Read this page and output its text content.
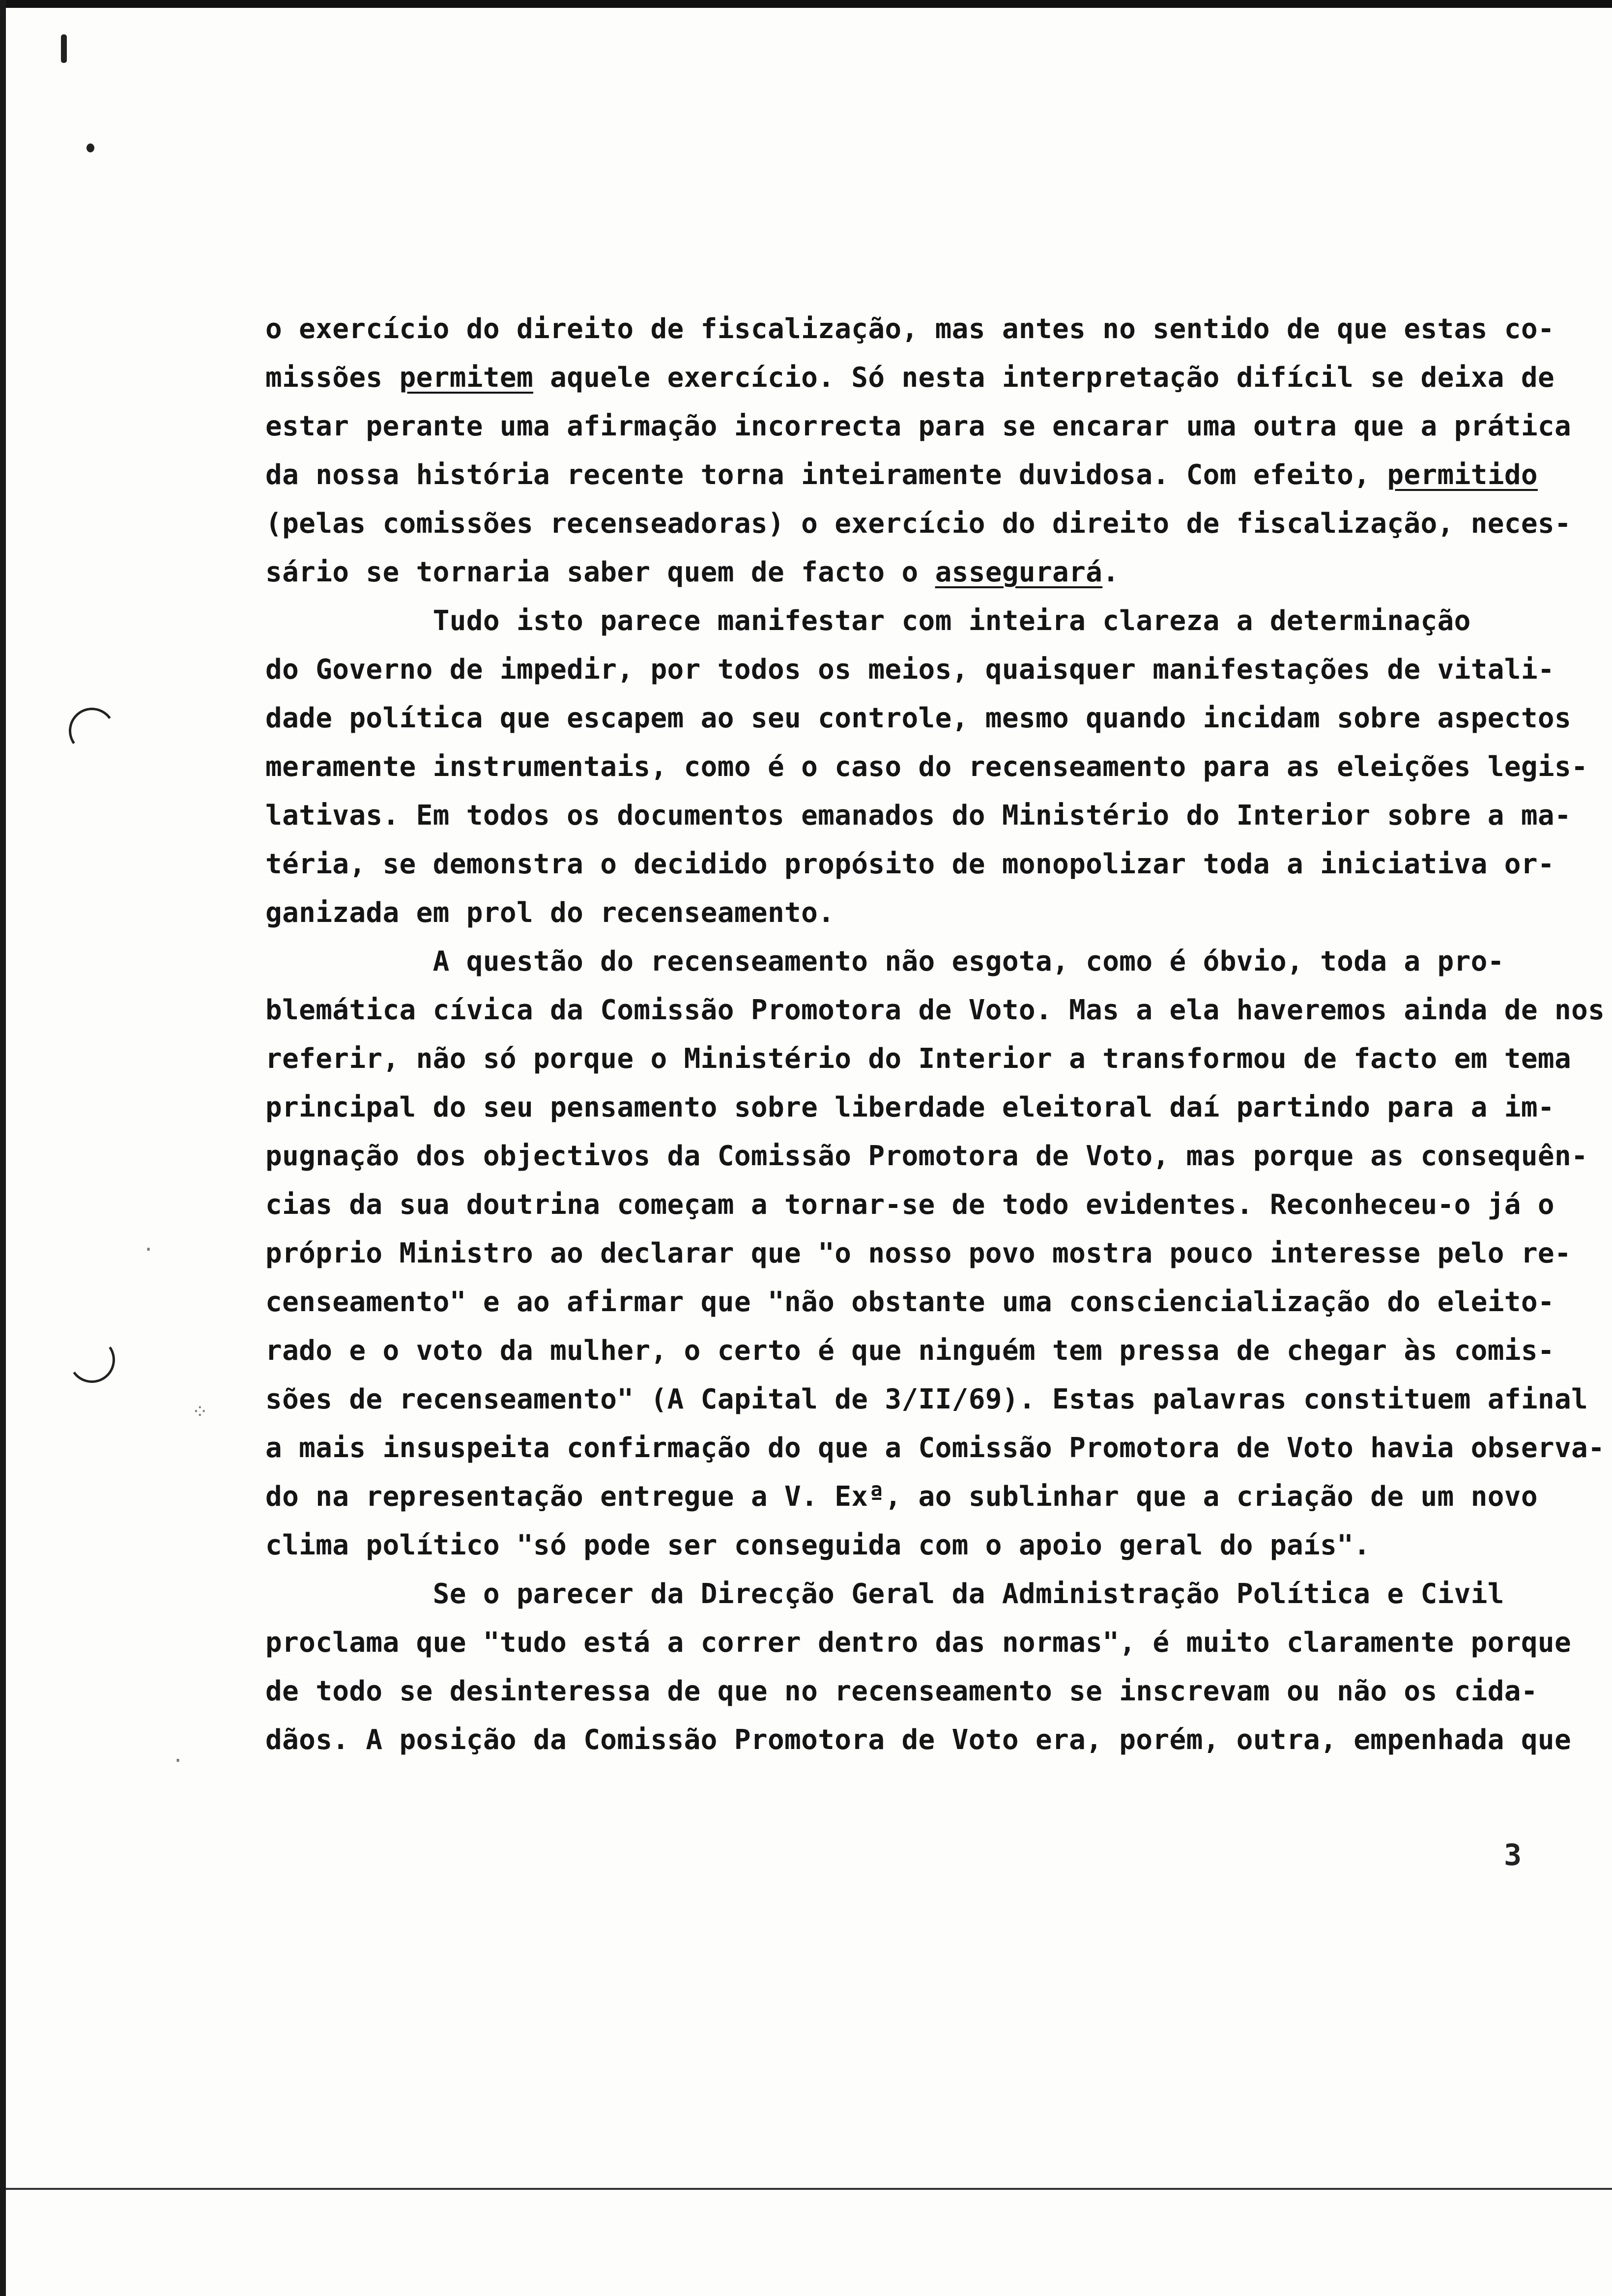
·
⁘
·
o exercício do direito de fiscalização, mas antes no sentido de que estas co-
missões permitem aquele exercício. Só nesta interpretação difícil se deixa de
estar perante uma afirmação incorrecta para se encarar uma outra que a prática
da nossa história recente torna inteiramente duvidosa. Com efeito, permitido
(pelas comissões recenseadoras) o exercício do direito de fiscalização, neces-
sário se tornaria saber quem de facto o assegurará.
Tudo isto parece manifestar com inteira clareza a determinação
do Governo de impedir, por todos os meios, quaisquer manifestações de vitali-
dade política que escapem ao seu controle, mesmo quando incidam sobre aspectos
meramente instrumentais, como é o caso do recenseamento para as eleições legis-
lativas. Em todos os documentos emanados do Ministério do Interior sobre a ma-
téria, se demonstra o decidido propósito de monopolizar toda a iniciativa or-
ganizada em prol do recenseamento.
A questão do recenseamento não esgota, como é óbvio, toda a pro-
blemática cívica da Comissão Promotora de Voto. Mas a ela haveremos ainda de nos
referir, não só porque o Ministério do Interior a transformou de facto em tema
principal do seu pensamento sobre liberdade eleitoral daí partindo para a im-
pugnação dos objectivos da Comissão Promotora de Voto, mas porque as consequên-
cias da sua doutrina começam a tornar-se de todo evidentes. Reconheceu-o já o
próprio Ministro ao declarar que "o nosso povo mostra pouco interesse pelo re-
censeamento" e ao afirmar que "não obstante uma consciencialização do eleito-
rado e o voto da mulher, o certo é que ninguém tem pressa de chegar às comis-
sões de recenseamento" (A Capital de 3/II/69). Estas palavras constituem afinal
a mais insuspeita confirmação do que a Comissão Promotora de Voto havia observa-
do na representação entregue a V. Exª, ao sublinhar que a criação de um novo
clima político "só pode ser conseguida com o apoio geral do país".
Se o parecer da Direcção Geral da Administração Política e Civil
proclama que "tudo está a correr dentro das normas", é muito claramente porque
de todo se desinteressa de que no recenseamento se inscrevam ou não os cida-
dãos. A posição da Comissão Promotora de Voto era, porém, outra, empenhada que
3
